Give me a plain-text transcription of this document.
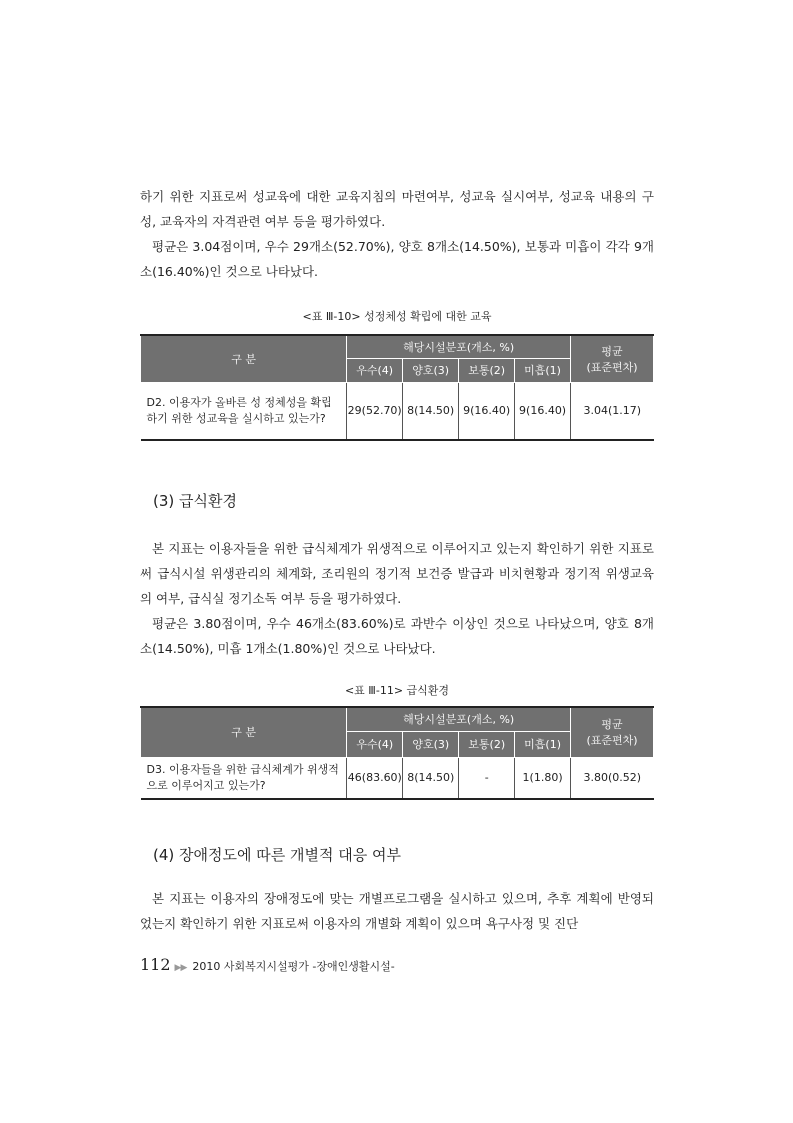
하기 위한 지표로써 성교육에 대한 교육지침의 마련여부, 성교육 실시여부, 성교육 내용의 구성, 교육자의 자격관련 여부 등을 평가하였다.

평균은 3.04점이며, 우수 29개소(52.70%), 양호 8개소(14.50%), 보통과 미흡이 각각 9개소(16.40%)인 것으로 나타났다.

<표 Ⅲ-10> 성정체성 확립에 대한 교육
구 분	해당시설분포(개소, %)				평균
(표준편차)

	우수(4)	양호(3)	보통(2)	미흡(1)	
D2. 이용자가 올바른 성 정체성을 확립하기 위한 성교육을 실시하고 있는가?	29(52.70)	8(14.50)	9(16.40)	9(16.40)	3.04(1.17)
(3) 급식환경

본 지표는 이용자들을 위한 급식체계가 위생적으로 이루어지고 있는지 확인하기 위한 지표로써 급식시설 위생관리의 체계화, 조리원의 정기적 보건증 발급과 비치현황과 정기적 위생교육의 여부, 급식실 정기소독 여부 등을 평가하였다.

평균은 3.80점이며, 우수 46개소(83.60%)로 과반수 이상인 것으로 나타났으며, 양호 8개소(14.50%), 미흡 1개소(1.80%)인 것으로 나타났다.

<표 Ⅲ-11> 급식환경
구 분	해당시설분포(개소, %)				평균
(표준편차)

	우수(4)	양호(3)	보통(2)	미흡(1)	
D3. 이용자들을 위한 급식체계가 위생적으로 이루어지고 있는가?	46(83.60)	8(14.50)	-	1(1.80)	3.80(0.52)
(4) 장애정도에 따른 개별적 대응 여부

본 지표는 이용자의 장애정도에 맞는 개별프로그램을 실시하고 있으며, 추후 계획에 반영되었는지 확인하기 위한 지표로써 이용자의 개별화 계획이 있으며 욕구사정 및 진단

112 ▶▶ 2010 사회복지시설평가 -장애인생활시설-
